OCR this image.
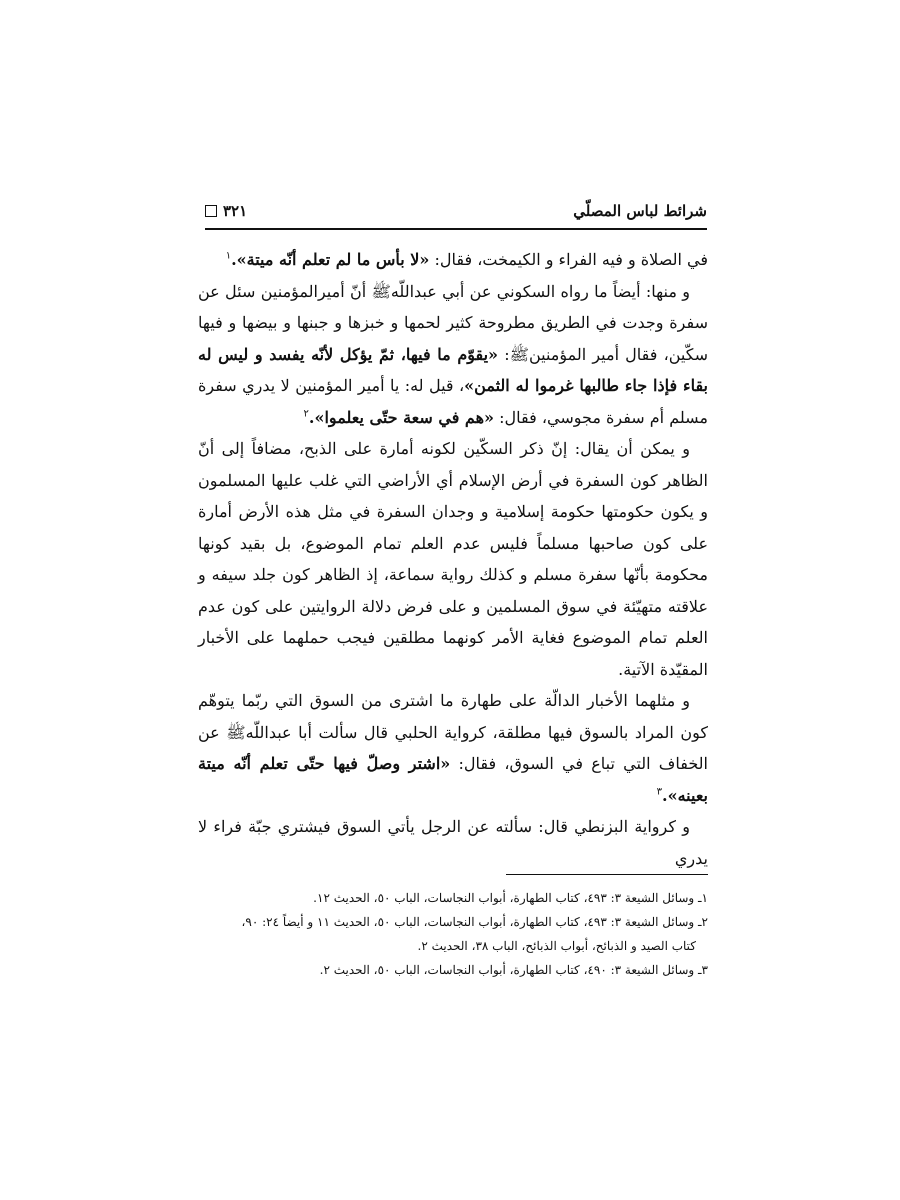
شرائط لباس المصلّي
٣٢١

في الصلاة و فيه الفراء و الكيمخت، فقال: «لا بأس ما لم تعلم أنّه ميتة».$^١$

و منها: أيضاً ما رواه السكوني عن أبي عبداللّهﷺ أنّ أميرالمؤمنين سئل عن سفرة وجدت في الطريق مطروحة كثير لحمها و خبزها و جبنها و بيضها و فيها سكّين، فقال أمير المؤمنينﷺ: «يقوّم ما فيها، ثمّ يؤكل لأنّه يفسد و ليس له بقاء فإذا جاء طالبها غرموا له الثمن»، قيل له: يا أمير المؤمنين لا يدري سفرة مسلم أم سفرة مجوسي، فقال: «هم في سعة حتّى يعلموا».$^٢$

و يمكن أن يقال: إنّ ذكر السكّين لكونه أمارة على الذبح، مضافاً إلى أنّ الظاهر كون السفرة في أرض الإسلام أي الأراضي التي غلب عليها المسلمون و يكون حكومتها حكومة إسلامية و وجدان السفرة في مثل هذه الأرض أمارة على كون صاحبها مسلماً فليس عدم العلم تمام الموضوع، بل بقيد كونها محكومة بأنّها سفرة مسلم و كذلك رواية سماعة، إذ الظاهر كون جلد سيفه و علاقته متهيّئة في سوق المسلمين و على فرض دلالة الروايتين على كون عدم العلم تمام الموضوع فغاية الأمر كونهما مطلقين فيجب حملهما على الأخبار المقيّدة الآتية.

و مثلهما الأخبار الدالّة على طهارة ما اشترى من السوق التي ربّما يتوهّم كون المراد بالسوق فيها مطلقة، كرواية الحلبي قال سألت أبا عبداللّهﷺ عن الخفاف التي تباع في السوق، فقال: «اشتر وصلّ فيها حتّى تعلم أنّه ميتة بعينه».$^٣$

و كرواية البزنطي قال: سألته عن الرجل يأتي السوق فيشتري جبّة فراء لا يدري

١ـ وسائل الشيعة ٣: ٤٩٣، كتاب الطهارة، أبواب النجاسات، الباب ٥٠، الحديث ١٢.

٢ـ وسائل الشيعة ٣: ٤٩٣، كتاب الطهارة، أبواب النجاسات، الباب ٥٠، الحديث ١١ و أيضاً ٢٤: ٩٠،

كتاب الصيد و الذبائح، أبواب الذبائح، الباب ٣٨، الحديث ٢.

٣ـ وسائل الشيعة ٣: ٤٩٠، كتاب الطهارة، أبواب النجاسات، الباب ٥٠، الحديث ٢.
